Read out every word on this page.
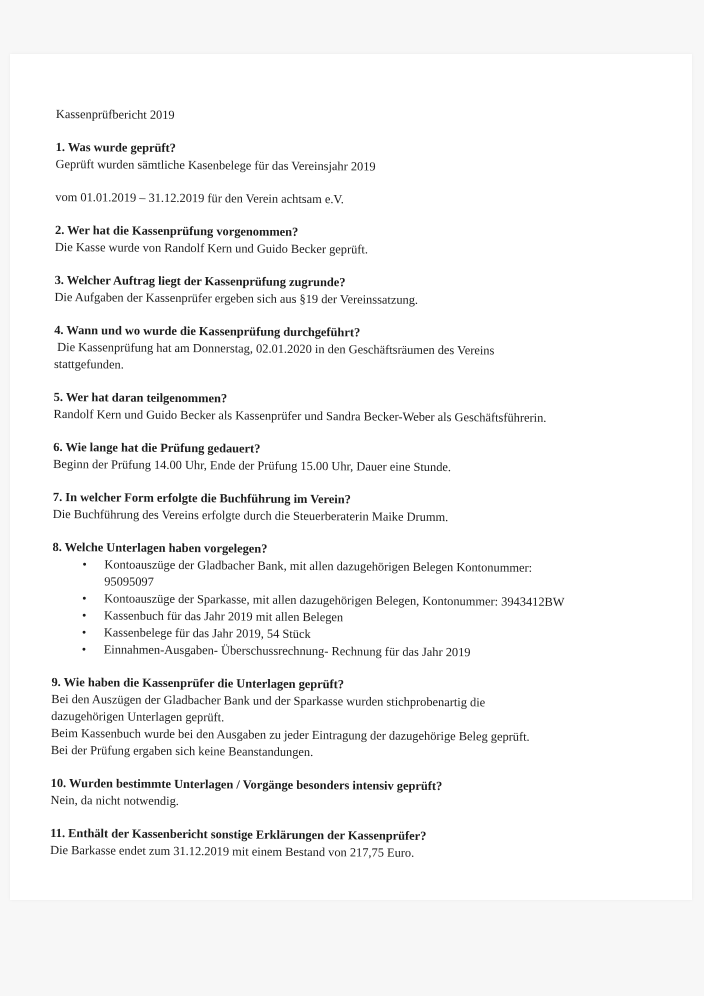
Kassenprüfbericht 2019
1. Was wurde geprüft?
Geprüft wurden sämtliche Kasenbelege für das Vereinsjahr 2019
vom 01.01.2019 – 31.12.2019 für den Verein achtsam e.V.
2. Wer hat die Kassenprüfung vorgenommen?
Die Kasse wurde von Randolf Kern und Guido Becker geprüft.
3. Welcher Auftrag liegt der Kassenprüfung zugrunde?
Die Aufgaben der Kassenprüfer ergeben sich aus §19 der Vereinssatzung.
4. Wann und wo wurde die Kassenprüfung durchgeführt?
Die Kassenprüfung hat am Donnerstag, 02.01.2020 in den Geschäftsräumen des Vereins
stattgefunden.
5. Wer hat daran teilgenommen?
Randolf Kern und Guido Becker als Kassenprüfer und Sandra Becker-Weber als Geschäftsführerin.
6. Wie lange hat die Prüfung gedauert?
Beginn der Prüfung 14.00 Uhr, Ende der Prüfung 15.00 Uhr, Dauer eine Stunde.
7. In welcher Form erfolgte die Buchführung im Verein?
Die Buchführung des Vereins erfolgte durch die Steuerberaterin Maike Drumm.
8. Welche Unterlagen haben vorgelegen?
• Kontoauszüge der Gladbacher Bank, mit allen dazugehörigen Belegen Kontonummer:
95095097
• Kontoauszüge der Sparkasse, mit allen dazugehörigen Belegen, Kontonummer: 3943412BW
• Kassenbuch für das Jahr 2019 mit allen Belegen
• Kassenbelege für das Jahr 2019, 54 Stück
• Einnahmen-Ausgaben- Überschussrechnung- Rechnung für das Jahr 2019
9. Wie haben die Kassenprüfer die Unterlagen geprüft?
Bei den Auszügen der Gladbacher Bank und der Sparkasse wurden stichprobenartig die
dazugehörigen Unterlagen geprüft.
Beim Kassenbuch wurde bei den Ausgaben zu jeder Eintragung der dazugehörige Beleg geprüft.
Bei der Prüfung ergaben sich keine Beanstandungen.
10. Wurden bestimmte Unterlagen / Vorgänge besonders intensiv geprüft?
Nein, da nicht notwendig.
11. Enthält der Kassenbericht sonstige Erklärungen der Kassenprüfer?
Die Barkasse endet zum 31.12.2019 mit einem Bestand von 217,75 Euro.
